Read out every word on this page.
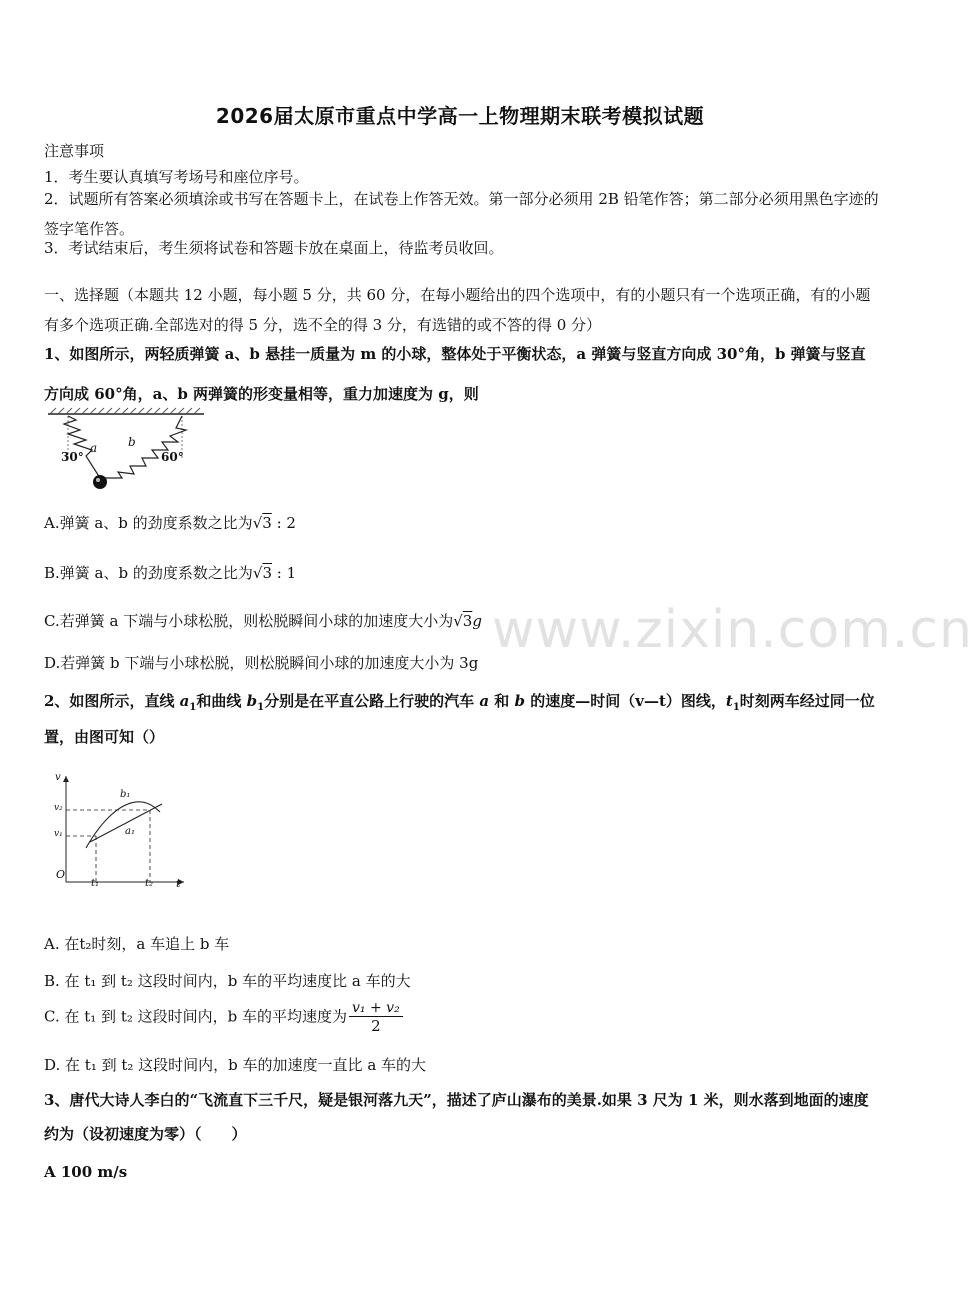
2026届太原市重点中学高一上物理期末联考模拟试题
注意事项
1．考生要认真填写考场号和座位序号。
2．试题所有答案必须填涂或书写在答题卡上，在试卷上作答无效。第一部分必须用 2B 铅笔作答；第二部分必须用黑色字迹的签字笔作答。
3．考试结束后，考生须将试卷和答题卡放在桌面上，待监考员收回。
一、选择题（本题共 12 小题，每小题 5 分，共 60 分，在每小题给出的四个选项中，有的小题只有一个选项正确，有的小题有多个选项正确.全部选对的得 5 分，选不全的得 3 分，有选错的或不答的得 0 分）
1、如图所示，两轻质弹簧 a、b 悬挂一质量为 m 的小球，整体处于平衡状态，a 弹簧与竖直方向成 30°角，b 弹簧与竖直方向成 60°角，a、b 两弹簧的形变量相等，重力加速度为 g，则
a	b
30°	60°
A.弹簧 a、b 的劲度系数之比为√3 : 2
B.弹簧 a、b 的劲度系数之比为√3 : 1
C.若弹簧 a 下端与小球松脱，则松脱瞬间小球的加速度大小为√3g
D.若弹簧 b 下端与小球松脱，则松脱瞬间小球的加速度大小为 3g
www.zixin.com.cn
2、如图所示，直线 $a_1$和曲线 $b_1$分别是在平直公路上行驶的汽车 a 和 b 的速度—时间（v—t）图线，$t_1$时刻两车经过同一位
置，由图可知（）
v
t
O
v₂
v₁
t₁	t₂
b₁
a₁
A. 在t₂时刻，a 车追上 b 车
B. 在 t₁ 到 t₂ 这段时间内，b 车的平均速度比 a 车的大
C. 在 t₁ 到 t₂ 这段时间内，b 车的平均速度为 $\frac{\text{v₁ + v₂}}{2}$
D. 在 t₁ 到 t₂ 这段时间内，b 车的加速度一直比 a 车的大
3、唐代大诗人李白的“飞流直下三千尺，疑是银河落九天”，描述了庐山瀑布的美景.如果 3 尺为 1 米，则水落到地面的速度约为（设初速度为零）（　　）
A 100 m/s
